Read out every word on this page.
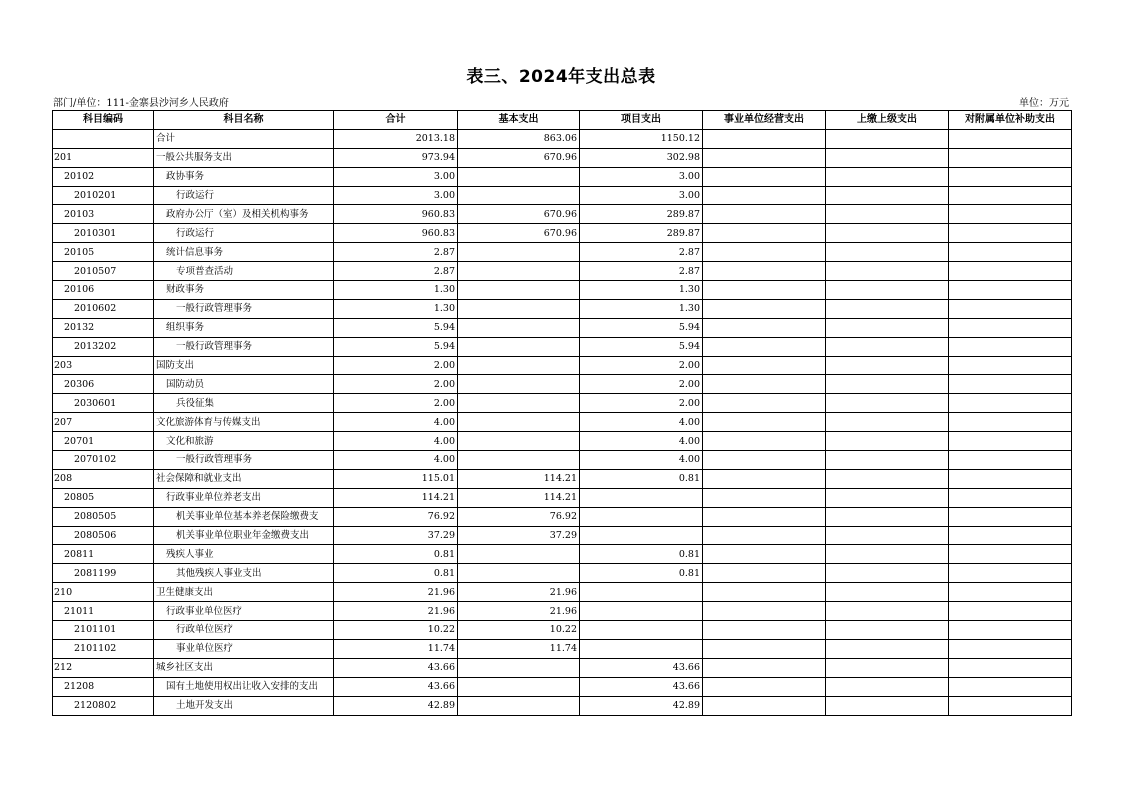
表三、2024年支出总表
部门/单位：111-金寨县沙河乡人民政府	单位：万元
科目编码	科目名称	合计	基本支出	项目支出	事业单位经营支出	上缴上级支出	对附属单位补助支出
	合计	2013.18	863.06	1150.12			
201	一般公共服务支出	973.94	670.96	302.98			
20102	政协事务	3.00		3.00			
2010201	行政运行	3.00		3.00			
20103	政府办公厅（室）及相关机构事务	960.83	670.96	289.87			
2010301	行政运行	960.83	670.96	289.87			
20105	统计信息事务	2.87		2.87			
2010507	专项普查活动	2.87		2.87			
20106	财政事务	1.30		1.30			
2010602	一般行政管理事务	1.30		1.30			
20132	组织事务	5.94		5.94			
2013202	一般行政管理事务	5.94		5.94			
203	国防支出	2.00		2.00			
20306	国防动员	2.00		2.00			
2030601	兵役征集	2.00		2.00			
207	文化旅游体育与传媒支出	4.00		4.00			
20701	文化和旅游	4.00		4.00			
2070102	一般行政管理事务	4.00		4.00			
208	社会保障和就业支出	115.01	114.21	0.81			
20805	行政事业单位养老支出	114.21	114.21				
2080505	机关事业单位基本养老保险缴费支	76.92	76.92				
2080506	机关事业单位职业年金缴费支出	37.29	37.29				
20811	残疾人事业	0.81		0.81			
2081199	其他残疾人事业支出	0.81		0.81			
210	卫生健康支出	21.96	21.96				
21011	行政事业单位医疗	21.96	21.96				
2101101	行政单位医疗	10.22	10.22				
2101102	事业单位医疗	11.74	11.74				
212	城乡社区支出	43.66		43.66			
21208	国有土地使用权出让收入安排的支出	43.66		43.66			
2120802	土地开发支出	42.89		42.89			
